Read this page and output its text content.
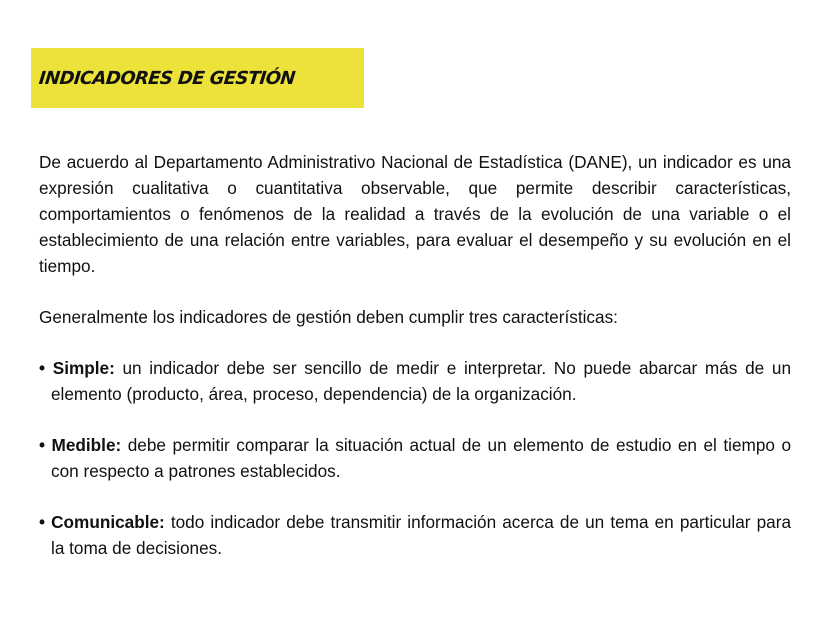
INDICADORES DE GESTIÓN

De acuerdo al Departamento Administrativo Nacional de Estadística (DANE), un indicador es una expresión cualitativa o cuantitativa observable, que permite describir características, comportamientos o fenómenos de la realidad a través de la evolución de una variable o el establecimiento de una relación entre variables, para evaluar el desempeño y su evolución en el tiempo.

Generalmente los indicadores de gestión deben cumplir tres características:

• Simple: un indicador debe ser sencillo de medir e interpretar. No puede abarcar más de un elemento (producto, área, proceso, dependencia) de la organización.
• Medible: debe permitir comparar la situación actual de un elemento de estudio en el tiempo o con respecto a patrones establecidos.
• Comunicable: todo indicador debe transmitir información acerca de un tema en particular para la toma de decisiones.
